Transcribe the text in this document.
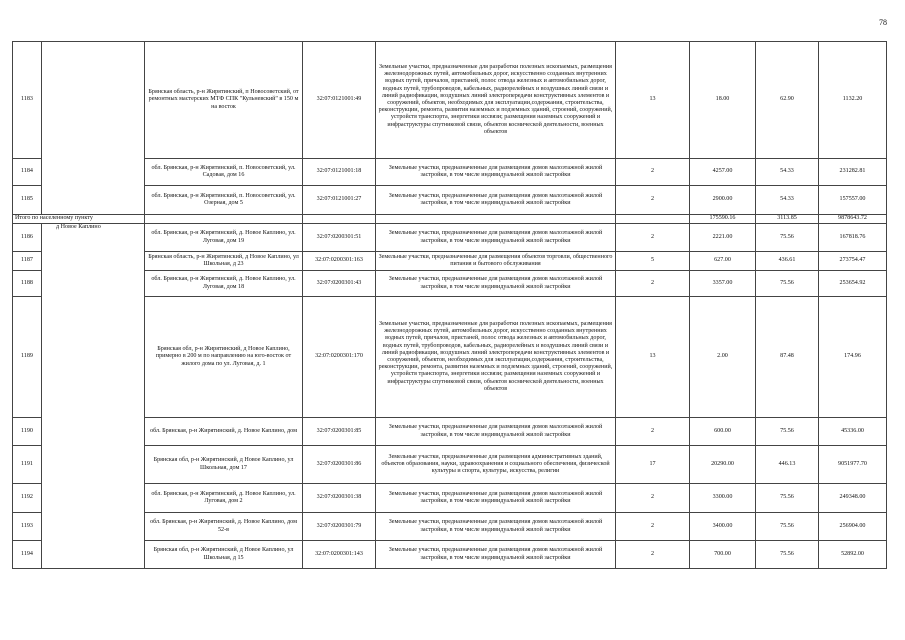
78
1183		Брянская область, р-н Жирятинский, п Новосоветский, от ремонтных мастерских МТФ СПК "Кульневский" в 150 м на восток	32:07:0121001:49	Земельные участки, предназначенные для разработки полезных ископаемых, размещения железнодорожных путей, автомобильных дорог, искусственно созданных внутренних водных путей, причалов, пристаней, полос отвода железных и автомобильных дорог, водных путей, трубопроводов, кабельных, радиорелейных и воздушных линий связи и линий радиофикации, воздушных линий электропередачи конструктивных элементов и сооружений, объектов, необходимых для эксплуатации,содержания, строительства, реконструкции, ремонта, развития наземных и подземных зданий, строений, сооружений, устройств транспорта, энергетики иссвязи; размещения наземных сооружений и инфраструктуры спутниковой связи, объектов космической деятельности, военных объектов	13	18.00	62.90	1132.20
1184		обл. Брянская, р-н Жирятинский, п. Новосоветский, ул. Садовая, дом 16	32:07:0121001:18	Земельные участки, предназначенные для размещения домов малоэтажной жилой застройки, в том числе индивидуальной жилой застройки	2	4257.00	54.33	231282.81
1185		обл. Брянская, р-н Жирятинский, п. Новосоветский, ул. Озерная, дом 5	32:07:0121001:27	Земельные участки, предназначенные для размещения домов малоэтажной жилой застройки, в том числе индивидуальной жилой застройки	2	2900.00	54.33	157557.00
Итого по населенному пункту						175590.16	3113.85	9878643.72
1186	д Новое Каплино	обл. Брянская, р-н Жирятинский, д. Новое Каплино, ул. Луговая, дом 19	32:07:0200301:51	Земельные участки, предназначенные для размещения домов малоэтажной жилой застройки, в том числе индивидуальной жилой застройки	2	2221.00	75.56	167818.76
1187		Брянская область, р-н Жирятинский, д Новое Каплино, ул Школьная, д 23	32:07:0200301:163	Земельные участки, предназначенные для размещения объектов торговли, общественного питания и бытового обслуживания	5	627.00	436.61	273754.47
1188		обл. Брянская, р-н Жирятинский, д. Новое Каплино, ул. Луговая, дом 18	32:07:0200301:43	Земельные участки, предназначенные для размещения домов малоэтажной жилой застройки, в том числе индивидуальной жилой застройки	2	3357.00	75.56	253654.92
1189		Брянская обл, р-н Жирятинский, д Новое Каплино, примерно в 200 м по направлению на юго-восток от жилого дома по ул. Луговая, д. 1	32:07:0200301:170	Земельные участки, предназначенные для разработки полезных ископаемых, размещения железнодорожных путей, автомобильных дорог, искусственно созданных внутренних водных путей, причалов, пристаней, полос отвода железных и автомобильных дорог, водных путей, трубопроводов, кабельных, радиорелейных и воздушных линий связи и линий радиофикации, воздушных линий электропередачи конструктивных элементов и сооружений, объектов, необходимых для эксплуатации,содержания, строительства, реконструкции, ремонта, развития наземных и подземных зданий, строений, сооружений, устройств транспорта, энергетики иссвязи; размещения наземных сооружений и инфраструктуры спутниковой связи, объектов космической деятельности, военных объектов	13	2.00	87.48	174.96
1190		обл. Брянская, р-н Жирятинский, д. Новое Каплино, дом	32:07:0200301:85	Земельные участки, предназначенные для размещения домов малоэтажной жилой застройки, в том числе индивидуальной жилой застройки	2	600.00	75.56	45336.00
1191		Брянская обл, р-н Жирятинский, д Новое Каплино, ул Школьная, дом 17	32:07:0200301:86	Земельные участки, предназначенные для размещения административных зданий, объектов образования, науки, здравоохранения и социального обеспечения, физической культуры и спорта, культуры, искусства, религии	17	20290.00	446.13	9051977.70
1192		обл. Брянская, р-н Жирятинский, д. Новое Каплино, ул. Луговая, дом 2	32:07:0200301:38	Земельные участки, предназначенные для размещения домов малоэтажной жилой застройки, в том числе индивидуальной жилой застройки	2	3300.00	75.56	249348.00
1193		обл. Брянская, р-н Жирятинский, д. Новое Каплино, дом 52-в	32:07:0200301:79	Земельные участки, предназначенные для размещения домов малоэтажной жилой застройки, в том числе индивидуальной жилой застройки	2	3400.00	75.56	256904.00
1194		Брянская обл, р-н Жирятинский, д Новое Каплино, ул Школьная, д 15	32:07:0200301:143	Земельные участки, предназначенные для размещения домов малоэтажной жилой застройки, в том числе индивидуальной жилой застройки	2	700.00	75.56	52892.00
